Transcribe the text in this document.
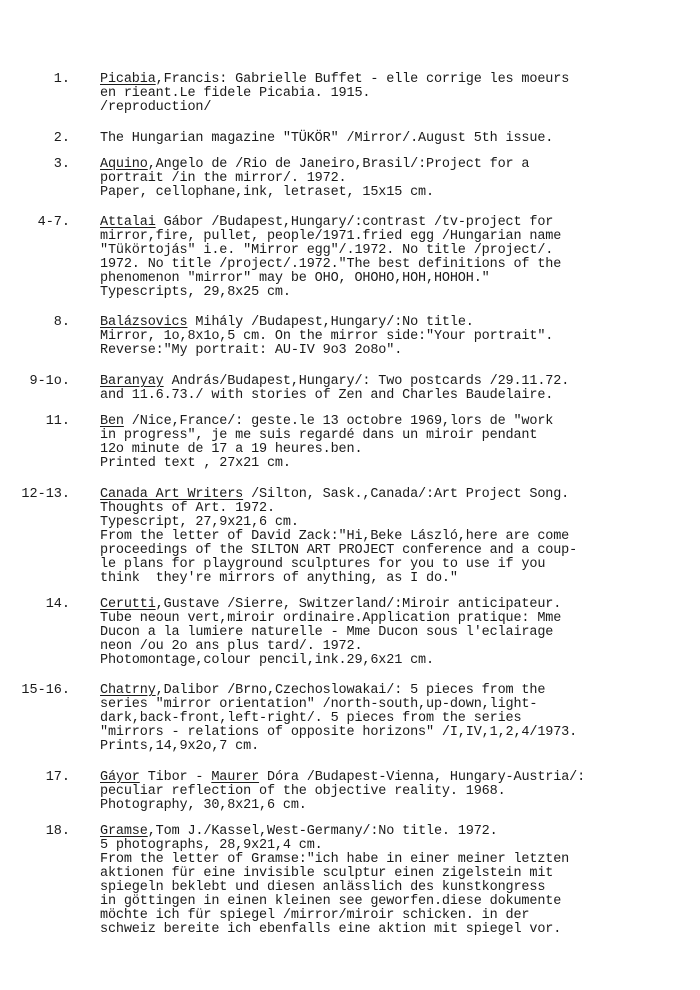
1. Picabia,Francis: Gabrielle Buffet - elle corrige les moeurs
en rieant.Le fidele Picabia. 1915.
/reproduction/
2. The Hungarian magazine "TÜKÖR" /Mirror/.August 5th issue.
3. Aquino,Angelo de /Rio de Janeiro,Brasil/:Project for a
portrait /in the mirror/. 1972.
Paper, cellophane,ink, letraset, 15x15 cm.
4-7. Attalai Gábor /Budapest,Hungary/:contrast /tv-project for
mirror,fire, pullet, people/1971.fried egg /Hungarian name
"Tükörtojás" i.e. "Mirror egg"/.1972. No title /project/.
1972. No title /project/.1972."The best definitions of the
phenomenon "mirror" may be OHO, OHOHO,HOH,HOHOH."
Typescripts, 29,8x25 cm.
8. Balázsovics Mihály /Budapest,Hungary/:No title.
Mirror, 1o,8x1o,5 cm. On the mirror side:"Your portrait".
Reverse:"My portrait: AU-IV 9o3 2o8o".
9-1o. Baranyay András/Budapest,Hungary/: Two postcards /29.11.72.
and 11.6.73./ with stories of Zen and Charles Baudelaire.
11. Ben /Nice,France/: geste.le 13 octobre 1969,lors de "work
in progress", je me suis regardé dans un miroir pendant
12o minute de 17 a 19 heures.ben.
Printed text , 27x21 cm.
12-13. Canada Art Writers /Silton, Sask.,Canada/:Art Project Song.
Thoughts of Art. 1972.
Typescript, 27,9x21,6 cm.
From the letter of David Zack:"Hi,Beke László,here are come
proceedings of the SILTON ART PROJECT conference and a coup-
le plans for playground sculptures for you to use if you
think  they're mirrors of anything, as I do."
14. Cerutti,Gustave /Sierre, Switzerland/:Miroir anticipateur.
Tube neoun vert,miroir ordinaire.Application pratique: Mme
Ducon a la lumiere naturelle - Mme Ducon sous l'eclairage
neon /ou 2o ans plus tard/. 1972.
Photomontage,colour pencil,ink.29,6x21 cm.
15-16. Chatrny,Dalibor /Brno,Czechoslowakai/: 5 pieces from the
series "mirror orientation" /north-south,up-down,light-
dark,back-front,left-right/. 5 pieces from the series
"mirrors - relations of opposite horizons" /I,IV,1,2,4/1973.
Prints,14,9x2o,7 cm.
17. Gáyor Tibor - Maurer Dóra /Budapest-Vienna, Hungary-Austria/:
peculiar reflection of the objective reality. 1968.
Photography, 30,8x21,6 cm.
18. Gramse,Tom J./Kassel,West-Germany/:No title. 1972.
5 photographs, 28,9x21,4 cm.
From the letter of Gramse:"ich habe in einer meiner letzten
aktionen für eine invisible sculptur einen zigelstein mit
spiegeln beklebt und diesen anlässlich des kunstkongress
in göttingen in einen kleinen see geworfen.diese dokumente
möchte ich für spiegel /mirror/miroir schicken. in der
schweiz bereite ich ebenfalls eine aktion mit spiegel vor.
